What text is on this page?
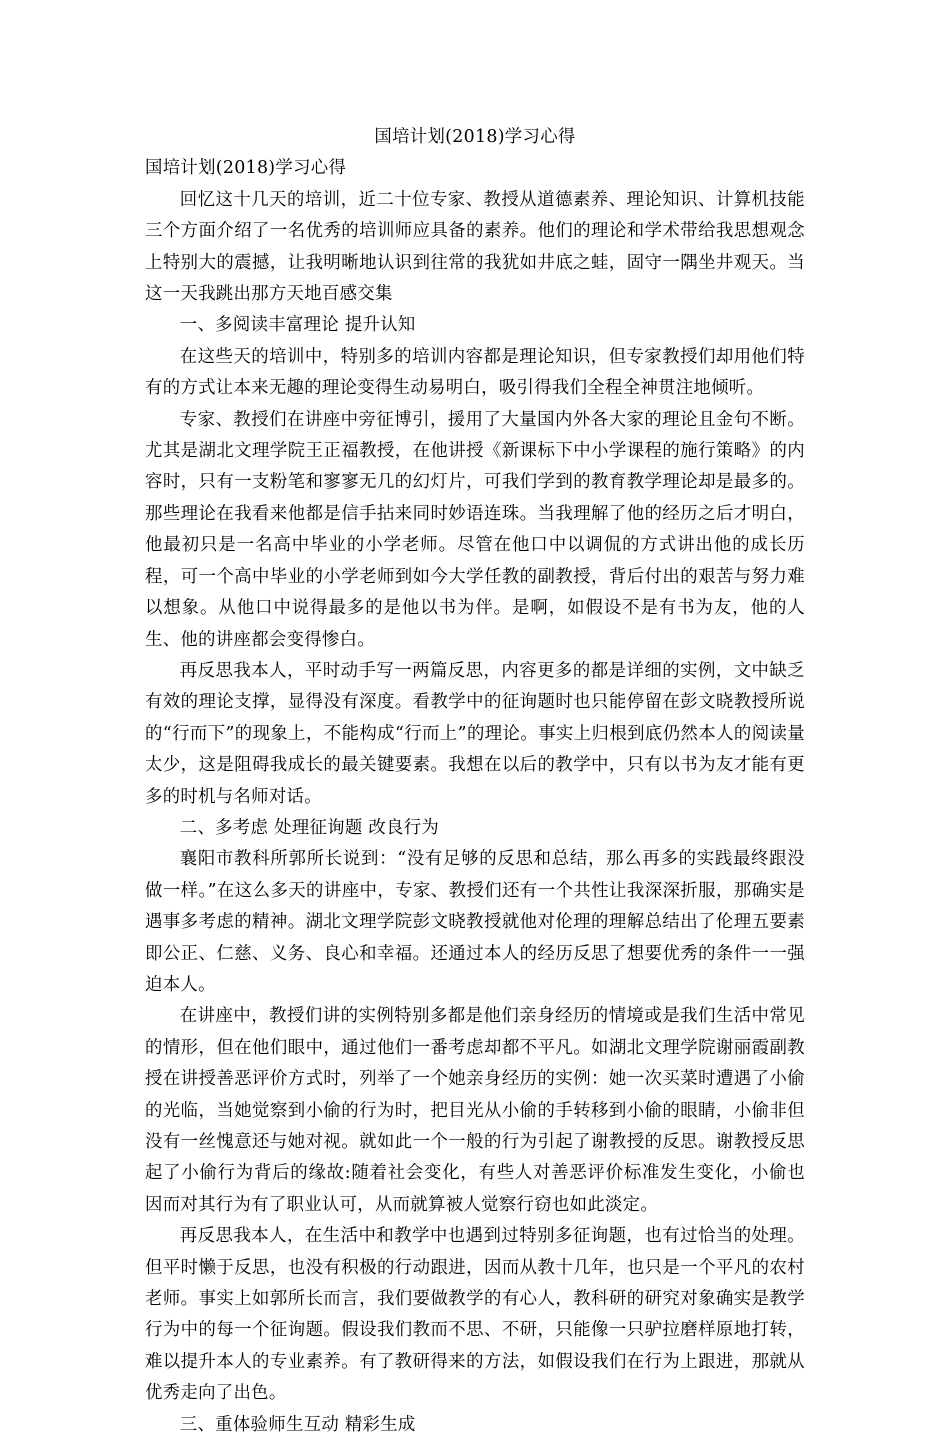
国培计划(2018)学习心得

国培计划(2018)学习心得

回忆这十几天的培训，近二十位专家、教授从道德素养、理论知识、计算机技能三个方面介绍了一名优秀的培训师应具备的素养。他们的理论和学术带给我思想观念上特别大的震撼，让我明晰地认识到往常的我犹如井底之蛙，固守一隅坐井观天。当这一天我跳出那方天地百感交集

一、多阅读丰富理论 提升认知

在这些天的培训中，特别多的培训内容都是理论知识，但专家教授们却用他们特有的方式让本来无趣的理论变得生动易明白，吸引得我们全程全神贯注地倾听。

专家、教授们在讲座中旁征博引，援用了大量国内外各大家的理论且金句不断。尤其是湖北文理学院王正福教授，在他讲授《新课标下中小学课程的施行策略》的内容时，只有一支粉笔和寥寥无几的幻灯片，可我们学到的教育教学理论却是最多的。那些理论在我看来他都是信手拈来同时妙语连珠。当我理解了他的经历之后才明白，他最初只是一名高中毕业的小学老师。尽管在他口中以调侃的方式讲出他的成长历程，可一个高中毕业的小学老师到如今大学任教的副教授，背后付出的艰苦与努力难以想象。从他口中说得最多的是他以书为伴。是啊，如假设不是有书为友，他的人生、他的讲座都会变得惨白。

再反思我本人，平时动手写一两篇反思，内容更多的都是详细的实例，文中缺乏有效的理论支撑，显得没有深度。看教学中的征询题时也只能停留在彭文晓教授所说的“行而下”的现象上，不能构成“行而上”的理论。事实上归根到底仍然本人的阅读量太少，这是阻碍我成长的最关键要素。我想在以后的教学中，只有以书为友才能有更多的时机与名师对话。

二、多考虑 处理征询题 改良行为

襄阳市教科所郭所长说到：“没有足够的反思和总结，那么再多的实践最终跟没做一样。”在这么多天的讲座中，专家、教授们还有一个共性让我深深折服，那确实是遇事多考虑的精神。湖北文理学院彭文晓教授就他对伦理的理解总结出了伦理五要素即公正、仁慈、义务、良心和幸福。还通过本人的经历反思了想要优秀的条件一一强迫本人。

在讲座中，教授们讲的实例特别多都是他们亲身经历的情境或是我们生活中常见的情形，但在他们眼中，通过他们一番考虑却都不平凡。如湖北文理学院谢丽霞副教授在讲授善恶评价方式时，列举了一个她亲身经历的实例：她一次买菜时遭遇了小偷的光临，当她觉察到小偷的行为时，把目光从小偷的手转移到小偷的眼睛，小偷非但没有一丝愧意还与她对视。就如此一个一般的行为引起了谢教授的反思。谢教授反思起了小偷行为背后的缘故:随着社会变化，有些人对善恶评价标准发生变化，小偷也因而对其行为有了职业认可，从而就算被人觉察行窃也如此淡定。

再反思我本人，在生活中和教学中也遇到过特别多征询题，也有过恰当的处理。但平时懒于反思，也没有积极的行动跟进，因而从教十几年，也只是一个平凡的农村老师。事实上如郭所长而言，我们要做教学的有心人，教科研的研究对象确实是教学行为中的每一个征询题。假设我们教而不思、不研，只能像一只驴拉磨样原地打转，难以提升本人的专业素养。有了教研得来的方法，如假设我们在行为上跟进，那就从优秀走向了出色。

三、重体验师生互动 精彩生成
